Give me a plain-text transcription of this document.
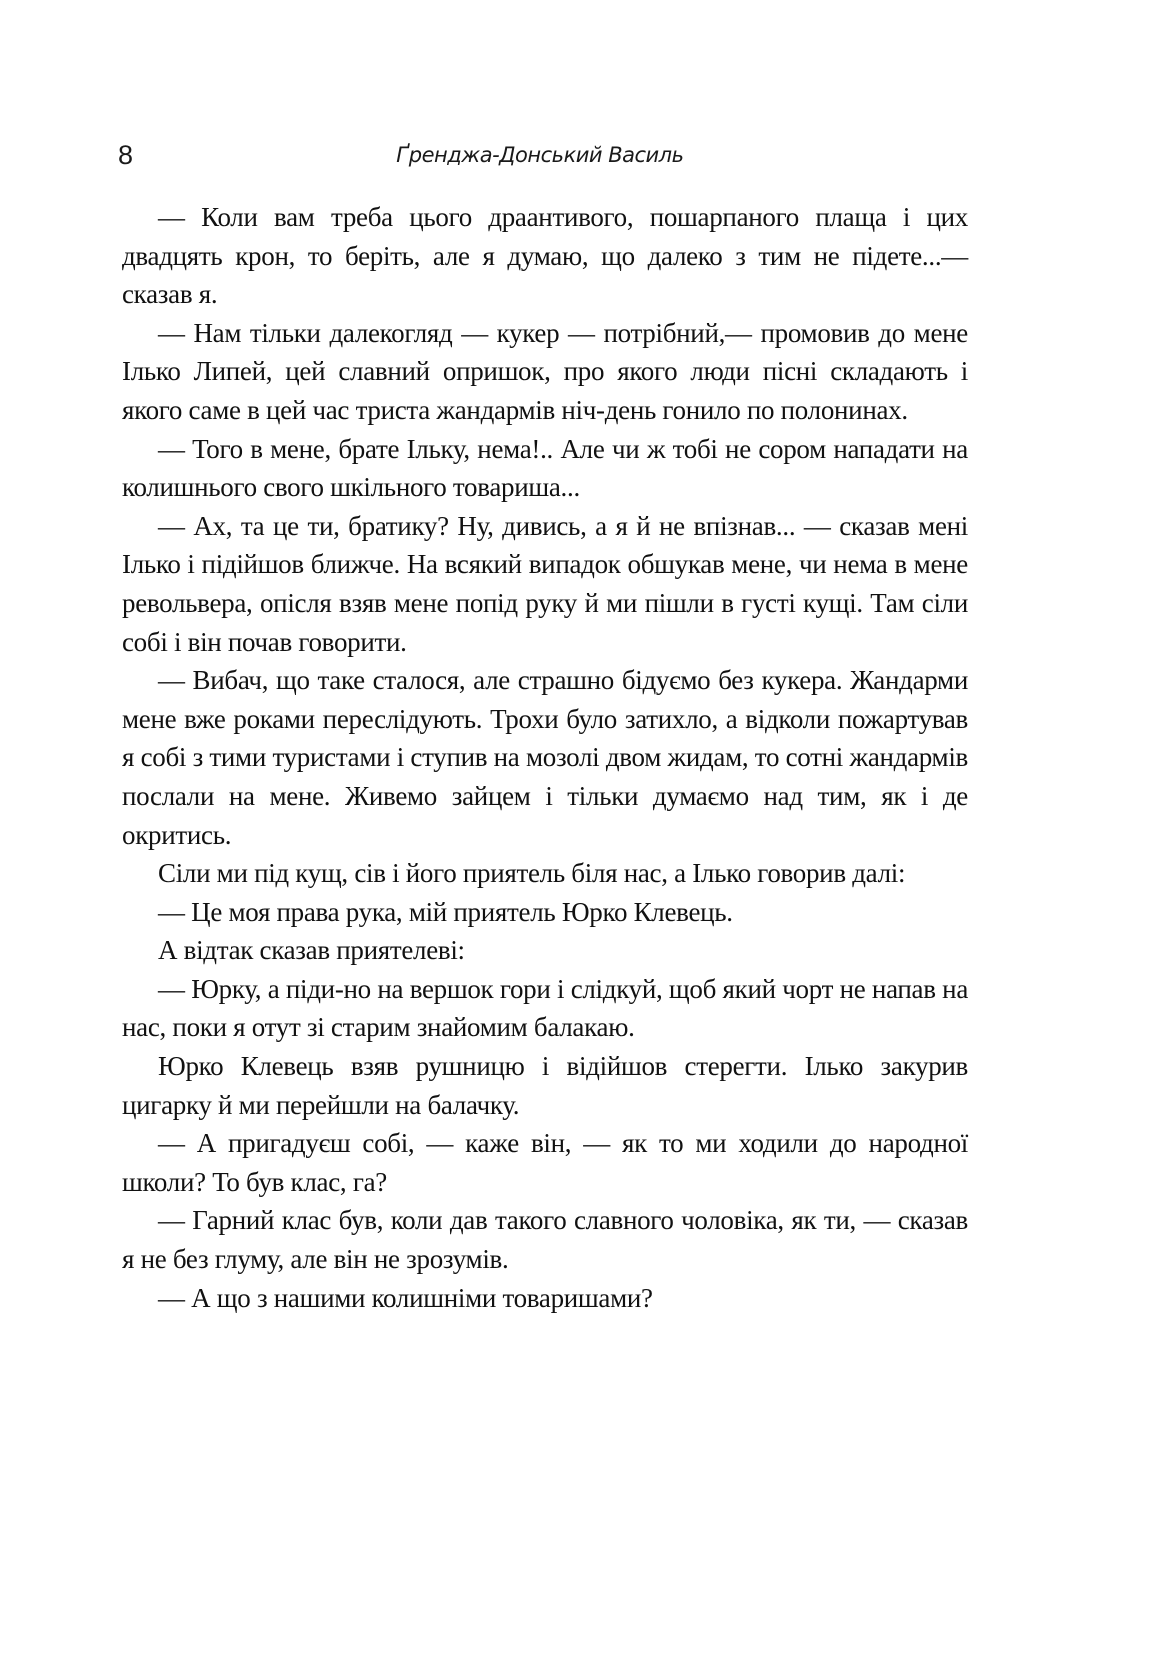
8	Ґренджа-Донський Василь

— Коли вам треба цього драантивого, пошарпаного плаща і цих двадцять крон, то беріть, але я думаю, що далеко з тим не підете...— сказав я.

— Нам тільки далекогляд — кукер — потрібний,— промовив до мене Ілько Липей, цей славний опришок, про якого люди пісні складають і якого саме в цей час триста жандармів ніч-день гонило по полонинах.

— Того в мене, брате Ільку, нема!.. Але чи ж тобі не сором нападати на колишнього свого шкільного товариша...

— Ах, та це ти, братику? Ну, дивись, а я й не впізнав... — сказав мені Ілько і підійшов ближче. На всякий випадок обшукав мене, чи нема в мене револьвера, опісля взяв мене попід руку й ми пішли в густі кущі. Там сіли собі і він почав говорити.

— Вибач, що таке сталося, але страшно бідуємо без кукера. Жандарми мене вже роками переслідують. Трохи було затихло, а відколи пожартував я собі з тими туристами і ступив на мозолі двом жидам, то сотні жандармів послали на мене. Живемо зайцем і тільки думаємо над тим, як і де окритись.

Сіли ми під кущ, сів і його приятель біля нас, а Ілько говорив далі:

— Це моя права рука, мій приятель Юрко Клевець.

А відтак сказав приятелеві:

— Юрку, а піди-но на вершок гори і слідкуй, щоб який чорт не напав на нас, поки я отут зі старим знайомим балакаю.

Юрко Клевець взяв рушницю і відійшов стерегти. Ілько закурив цигарку й ми перейшли на балачку.

— А пригадуєш собі, — каже він, — як то ми ходили до народної школи? То був клас, га?

— Гарний клас був, коли дав такого славного чоловіка, як ти, — сказав я не без глуму, але він не зрозумів.

— А що з нашими колишніми товаришами?
